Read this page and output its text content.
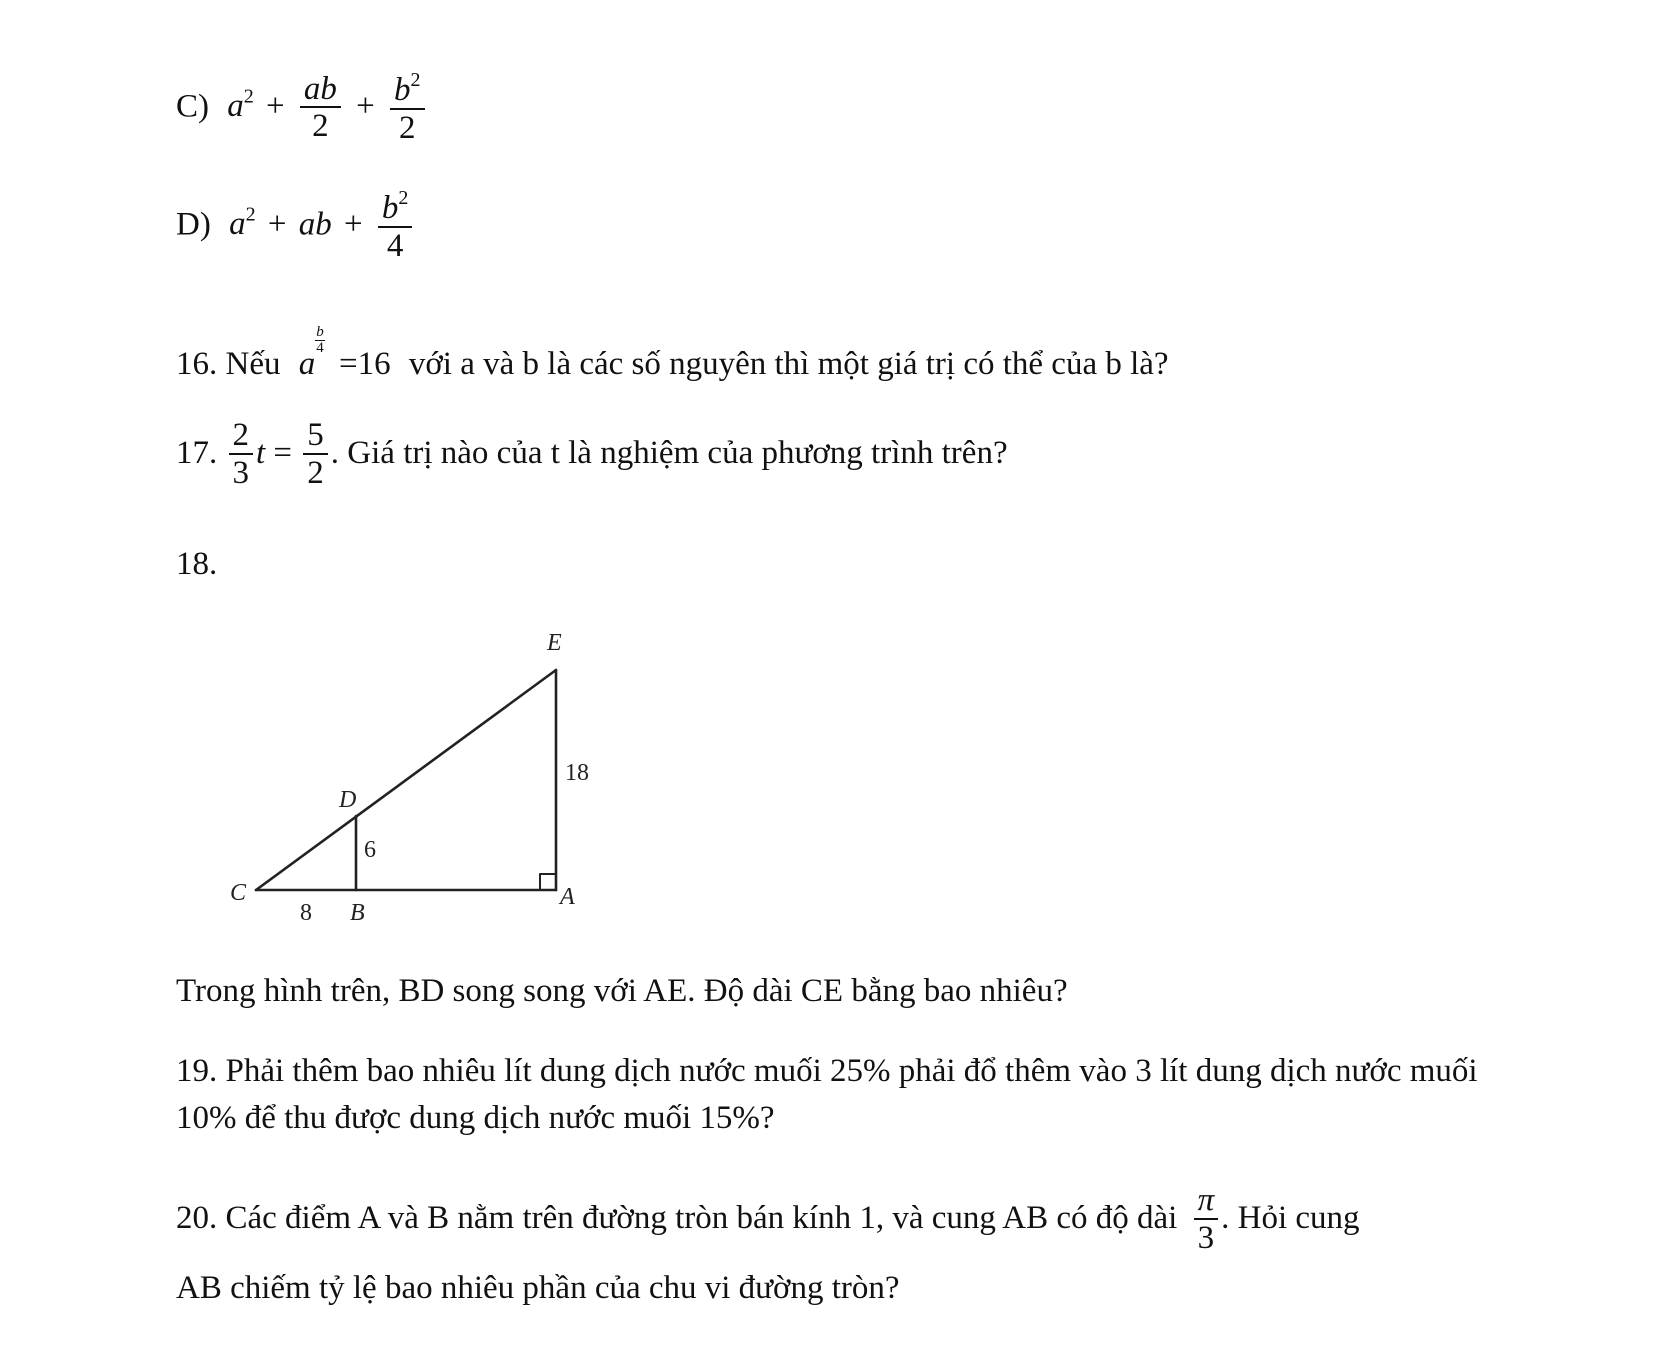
C) $a^2 + \frac{ab}{2} + \frac{b^2}{2}$
D) $a^2$ + ab + $\frac{b^2}{4}$
16. Nếu a
$\frac{b}{4}$
=16 với a và b là các số nguyên thì một giá trị có thể của b là?
17. $\frac{2}{3}$ $t = \frac{5}{2}$ . Giá trị nào của t là nghiệm của phương trình trên?
18.
E
D
C
B
A
18
6
8
Trong hình trên, BD song song với AE. Độ dài CE bằng bao nhiêu?
19. Phải thêm bao nhiêu lít dung dịch nước muối 25% phải đổ thêm vào 3 lít dung dịch nước muối 10% để thu được dung dịch nước muối 15%?
20. Các điểm A và B nằm trên đường tròn bán kính 1, và cung AB có độ dài $\frac{\pi}{3}$ . Hỏi cung
AB chiếm tỷ lệ bao nhiêu phần của chu vi đường tròn?
